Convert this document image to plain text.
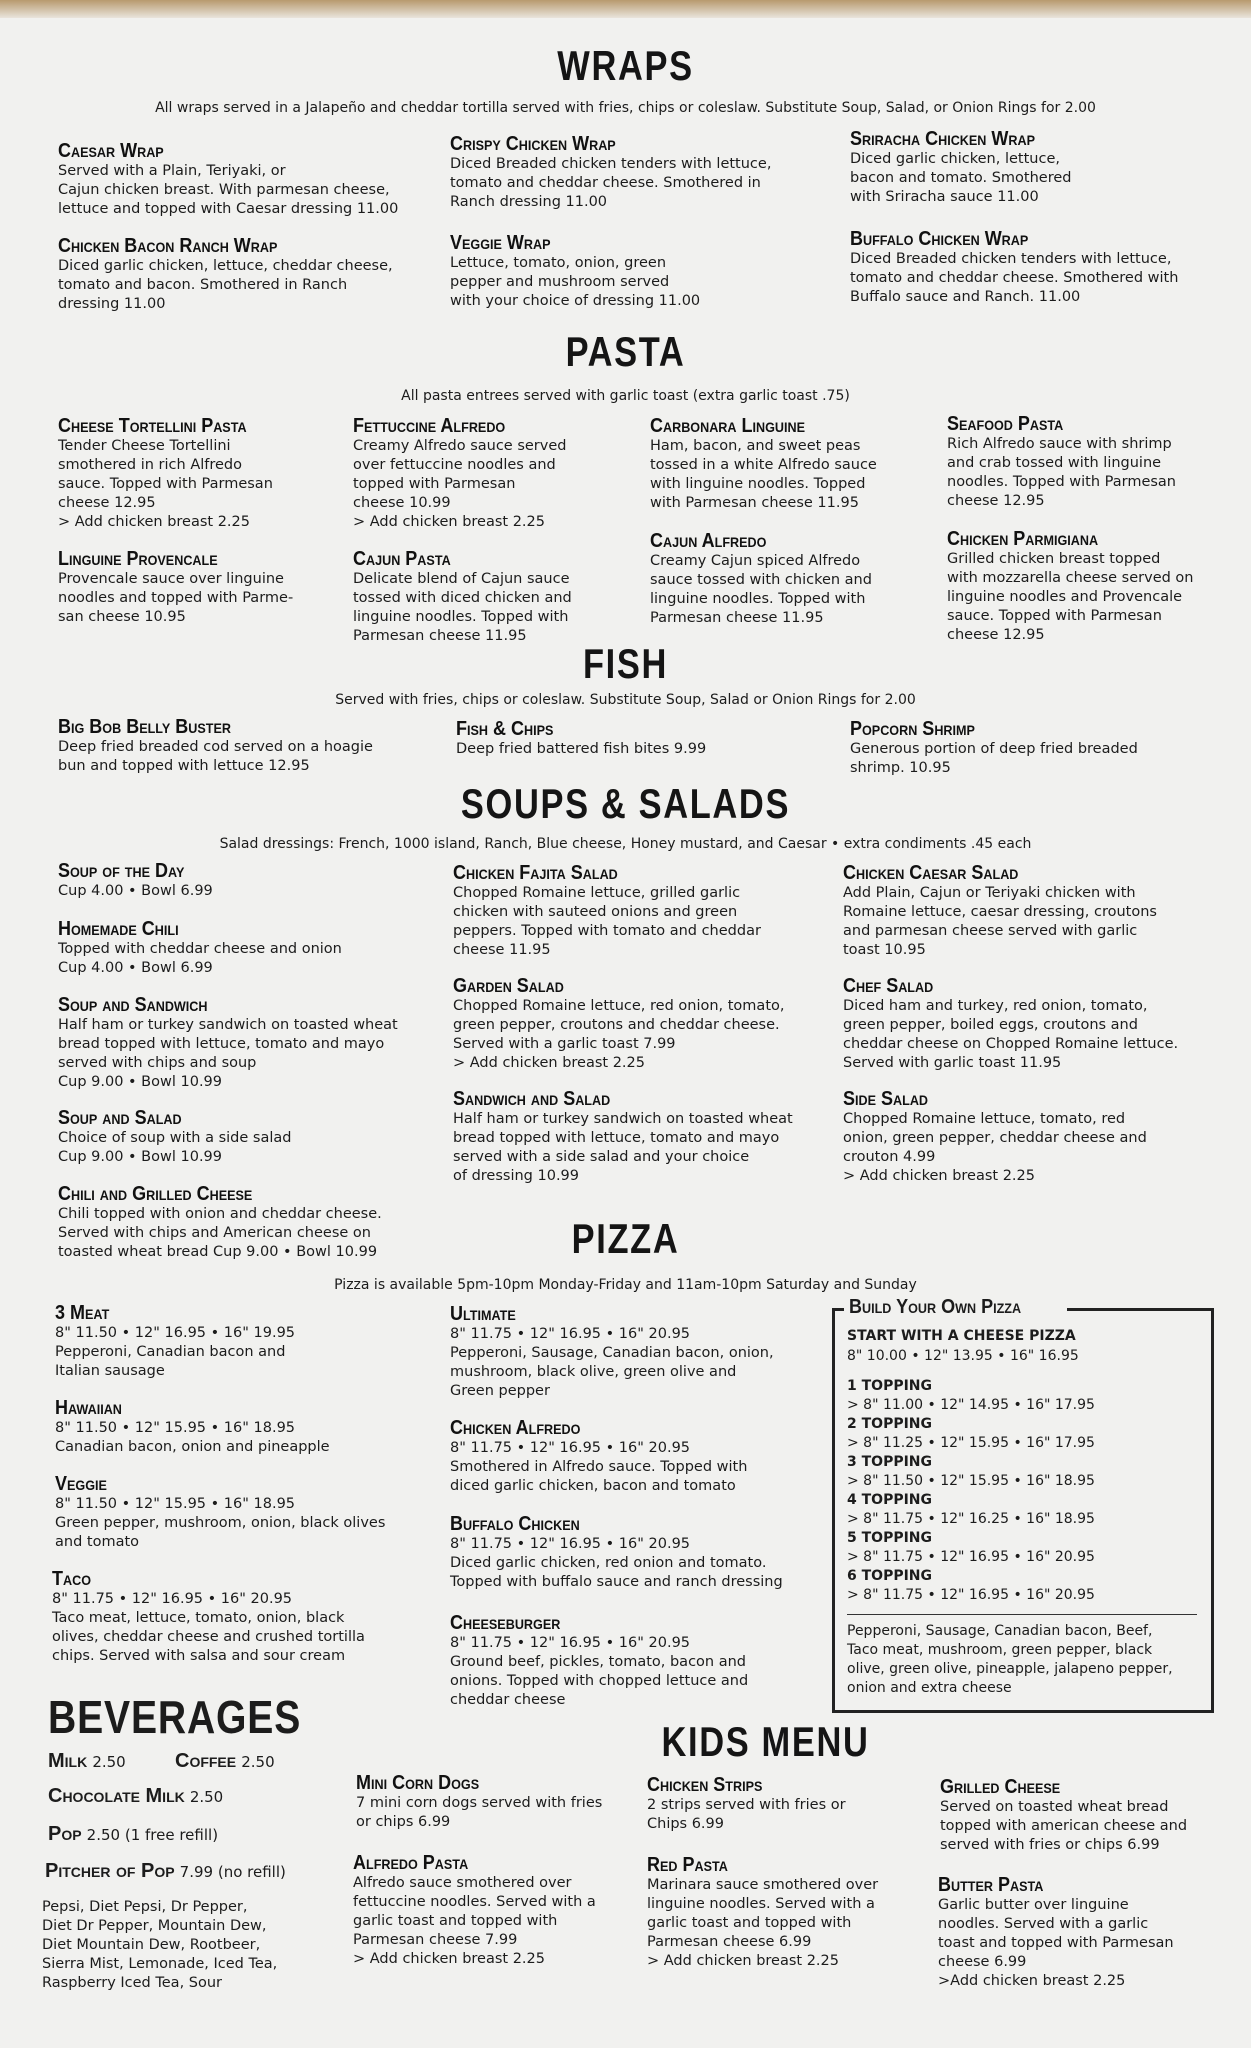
WRAPS
All wraps served in a Jalapeño and cheddar tortilla served with fries, chips or coleslaw. Substitute Soup, Salad, or Onion Rings for 2.00
Caesar Wrap
Served with a Plain, Teriyaki, or
Cajun chicken breast. With parmesan cheese,
lettuce and topped with Caesar dressing 11.00
Crispy Chicken Wrap
Diced Breaded chicken tenders with lettuce,
tomato and cheddar cheese. Smothered in
Ranch dressing 11.00
Sriracha Chicken Wrap
Diced garlic chicken, lettuce,
bacon and tomato. Smothered
with Sriracha sauce 11.00
Chicken Bacon Ranch Wrap
Diced garlic chicken, lettuce, cheddar cheese,
tomato and bacon. Smothered in Ranch
dressing 11.00
Veggie Wrap
Lettuce, tomato, onion, green
pepper and mushroom served
with your choice of dressing 11.00
Buffalo Chicken Wrap
Diced Breaded chicken tenders with lettuce,
tomato and cheddar cheese. Smothered with
Buffalo sauce and Ranch. 11.00
PASTA
All pasta entrees served with garlic toast (extra garlic toast .75)
Cheese Tortellini Pasta
Tender Cheese Tortellini
smothered in rich Alfredo
sauce. Topped with Parmesan
cheese 12.95
> Add chicken breast 2.25
Fettuccine Alfredo
Creamy Alfredo sauce served
over fettuccine noodles and
topped with Parmesan
cheese 10.99
> Add chicken breast 2.25
Carbonara Linguine
Ham, bacon, and sweet peas
tossed in a white Alfredo sauce
with linguine noodles. Topped
with Parmesan cheese 11.95
Seafood Pasta
Rich Alfredo sauce with shrimp
and crab tossed with linguine
noodles. Topped with Parmesan
cheese 12.95
Linguine Provencale
Provencale sauce over linguine
noodles and topped with Parme-
san cheese 10.95
Cajun Pasta
Delicate blend of Cajun sauce
tossed with diced chicken and
linguine noodles. Topped with
Parmesan cheese 11.95
Cajun Alfredo
Creamy Cajun spiced Alfredo
sauce tossed with chicken and
linguine noodles. Topped with
Parmesan cheese 11.95
Chicken Parmigiana
Grilled chicken breast topped
with mozzarella cheese served on
linguine noodles and Provencale
sauce. Topped with Parmesan
cheese 12.95
FISH
Served with fries, chips or coleslaw. Substitute Soup, Salad or Onion Rings for 2.00
Big Bob Belly Buster
Deep fried breaded cod served on a hoagie
bun and topped with lettuce 12.95
Fish & Chips
Deep fried battered fish bites 9.99
Popcorn Shrimp
Generous portion of deep fried breaded
shrimp. 10.95
SOUPS & SALADS
Salad dressings: French, 1000 island, Ranch, Blue cheese, Honey mustard, and Caesar • extra condiments .45 each
Soup of the Day
Cup 4.00 • Bowl 6.99
Homemade Chili
Topped with cheddar cheese and onion
Cup 4.00 • Bowl 6.99
Soup and Sandwich
Half ham or turkey sandwich on toasted wheat
bread topped with lettuce, tomato and mayo
served with chips and soup
Cup 9.00 • Bowl 10.99
Soup and Salad
Choice of soup with a side salad
Cup 9.00 • Bowl 10.99
Chili and Grilled Cheese
Chili topped with onion and cheddar cheese.
Served with chips and American cheese on
toasted wheat bread Cup 9.00 • Bowl 10.99
Chicken Fajita Salad
Chopped Romaine lettuce, grilled garlic
chicken with sauteed onions and green
peppers. Topped with tomato and cheddar
cheese 11.95
Garden Salad
Chopped Romaine lettuce, red onion, tomato,
green pepper, croutons and cheddar cheese.
Served with a garlic toast 7.99
> Add chicken breast 2.25
Sandwich and Salad
Half ham or turkey sandwich on toasted wheat
bread topped with lettuce, tomato and mayo
served with a side salad and your choice
of dressing 10.99
Chicken Caesar Salad
Add Plain, Cajun or Teriyaki chicken with
Romaine lettuce, caesar dressing, croutons
and parmesan cheese served with garlic
toast 10.95
Chef Salad
Diced ham and turkey, red onion, tomato,
green pepper, boiled eggs, croutons and
cheddar cheese on Chopped Romaine lettuce.
Served with garlic toast 11.95
Side Salad
Chopped Romaine lettuce, tomato, red
onion, green pepper, cheddar cheese and
crouton 4.99
> Add chicken breast 2.25
PIZZA
Pizza is available 5pm-10pm Monday-Friday and 11am-10pm Saturday and Sunday
3 Meat
8" 11.50 • 12" 16.95 • 16" 19.95
Pepperoni, Canadian bacon and
Italian sausage
Hawaiian
8" 11.50 • 12" 15.95 • 16" 18.95
Canadian bacon, onion and pineapple
Veggie
8" 11.50 • 12" 15.95 • 16" 18.95
Green pepper, mushroom, onion, black olives
and tomato
Taco
8" 11.75 • 12" 16.95 • 16" 20.95
Taco meat, lettuce, tomato, onion, black
olives, cheddar cheese and crushed tortilla
chips. Served with salsa and sour cream
Ultimate
8" 11.75 • 12" 16.95 • 16" 20.95
Pepperoni, Sausage, Canadian bacon, onion,
mushroom, black olive, green olive and
Green pepper
Chicken Alfredo
8" 11.75 • 12" 16.95 • 16" 20.95
Smothered in Alfredo sauce. Topped with
diced garlic chicken, bacon and tomato
Buffalo Chicken
8" 11.75 • 12" 16.95 • 16" 20.95
Diced garlic chicken, red onion and tomato.
Topped with buffalo sauce and ranch dressing
Cheeseburger
8" 11.75 • 12" 16.95 • 16" 20.95
Ground beef, pickles, tomato, bacon and
onions. Topped with chopped lettuce and
cheddar cheese
Build Your Own Pizza
START WITH A CHEESE PIZZA
8" 10.00 • 12" 13.95 • 16" 16.95
1 TOPPING
> 8" 11.00 • 12" 14.95 • 16" 17.95
2 TOPPING
> 8" 11.25 • 12" 15.95 • 16" 17.95
3 TOPPING
> 8" 11.50 • 12" 15.95 • 16" 18.95
4 TOPPING
> 8" 11.75 • 12" 16.25 • 16" 18.95
5 TOPPING
> 8" 11.75 • 12" 16.95 • 16" 20.95
6 TOPPING
> 8" 11.75 • 12" 16.95 • 16" 20.95
Pepperoni, Sausage, Canadian bacon, Beef,
Taco meat, mushroom, green pepper, black
olive, green olive, pineapple, jalapeno pepper,
onion and extra cheese
BEVERAGES
Milk 2.50 Coffee 2.50
Chocolate Milk 2.50
Pop 2.50 (1 free refill)
Pitcher of Pop 7.99 (no refill)
Pepsi, Diet Pepsi, Dr Pepper,
Diet Dr Pepper, Mountain Dew,
Diet Mountain Dew, Rootbeer,
Sierra Mist, Lemonade, Iced Tea,
Raspberry Iced Tea, Sour
KIDS MENU
Mini Corn Dogs
7 mini corn dogs served with fries
or chips 6.99
Chicken Strips
2 strips served with fries or
Chips 6.99
Grilled Cheese
Served on toasted wheat bread
topped with american cheese and
served with fries or chips 6.99
Alfredo Pasta
Alfredo sauce smothered over
fettuccine noodles. Served with a
garlic toast and topped with
Parmesan cheese 7.99
> Add chicken breast 2.25
Red Pasta
Marinara sauce smothered over
linguine noodles. Served with a
garlic toast and topped with
Parmesan cheese 6.99
> Add chicken breast 2.25
Butter Pasta
Garlic butter over linguine
noodles. Served with a garlic
toast and topped with Parmesan
cheese 6.99
>Add chicken breast 2.25
